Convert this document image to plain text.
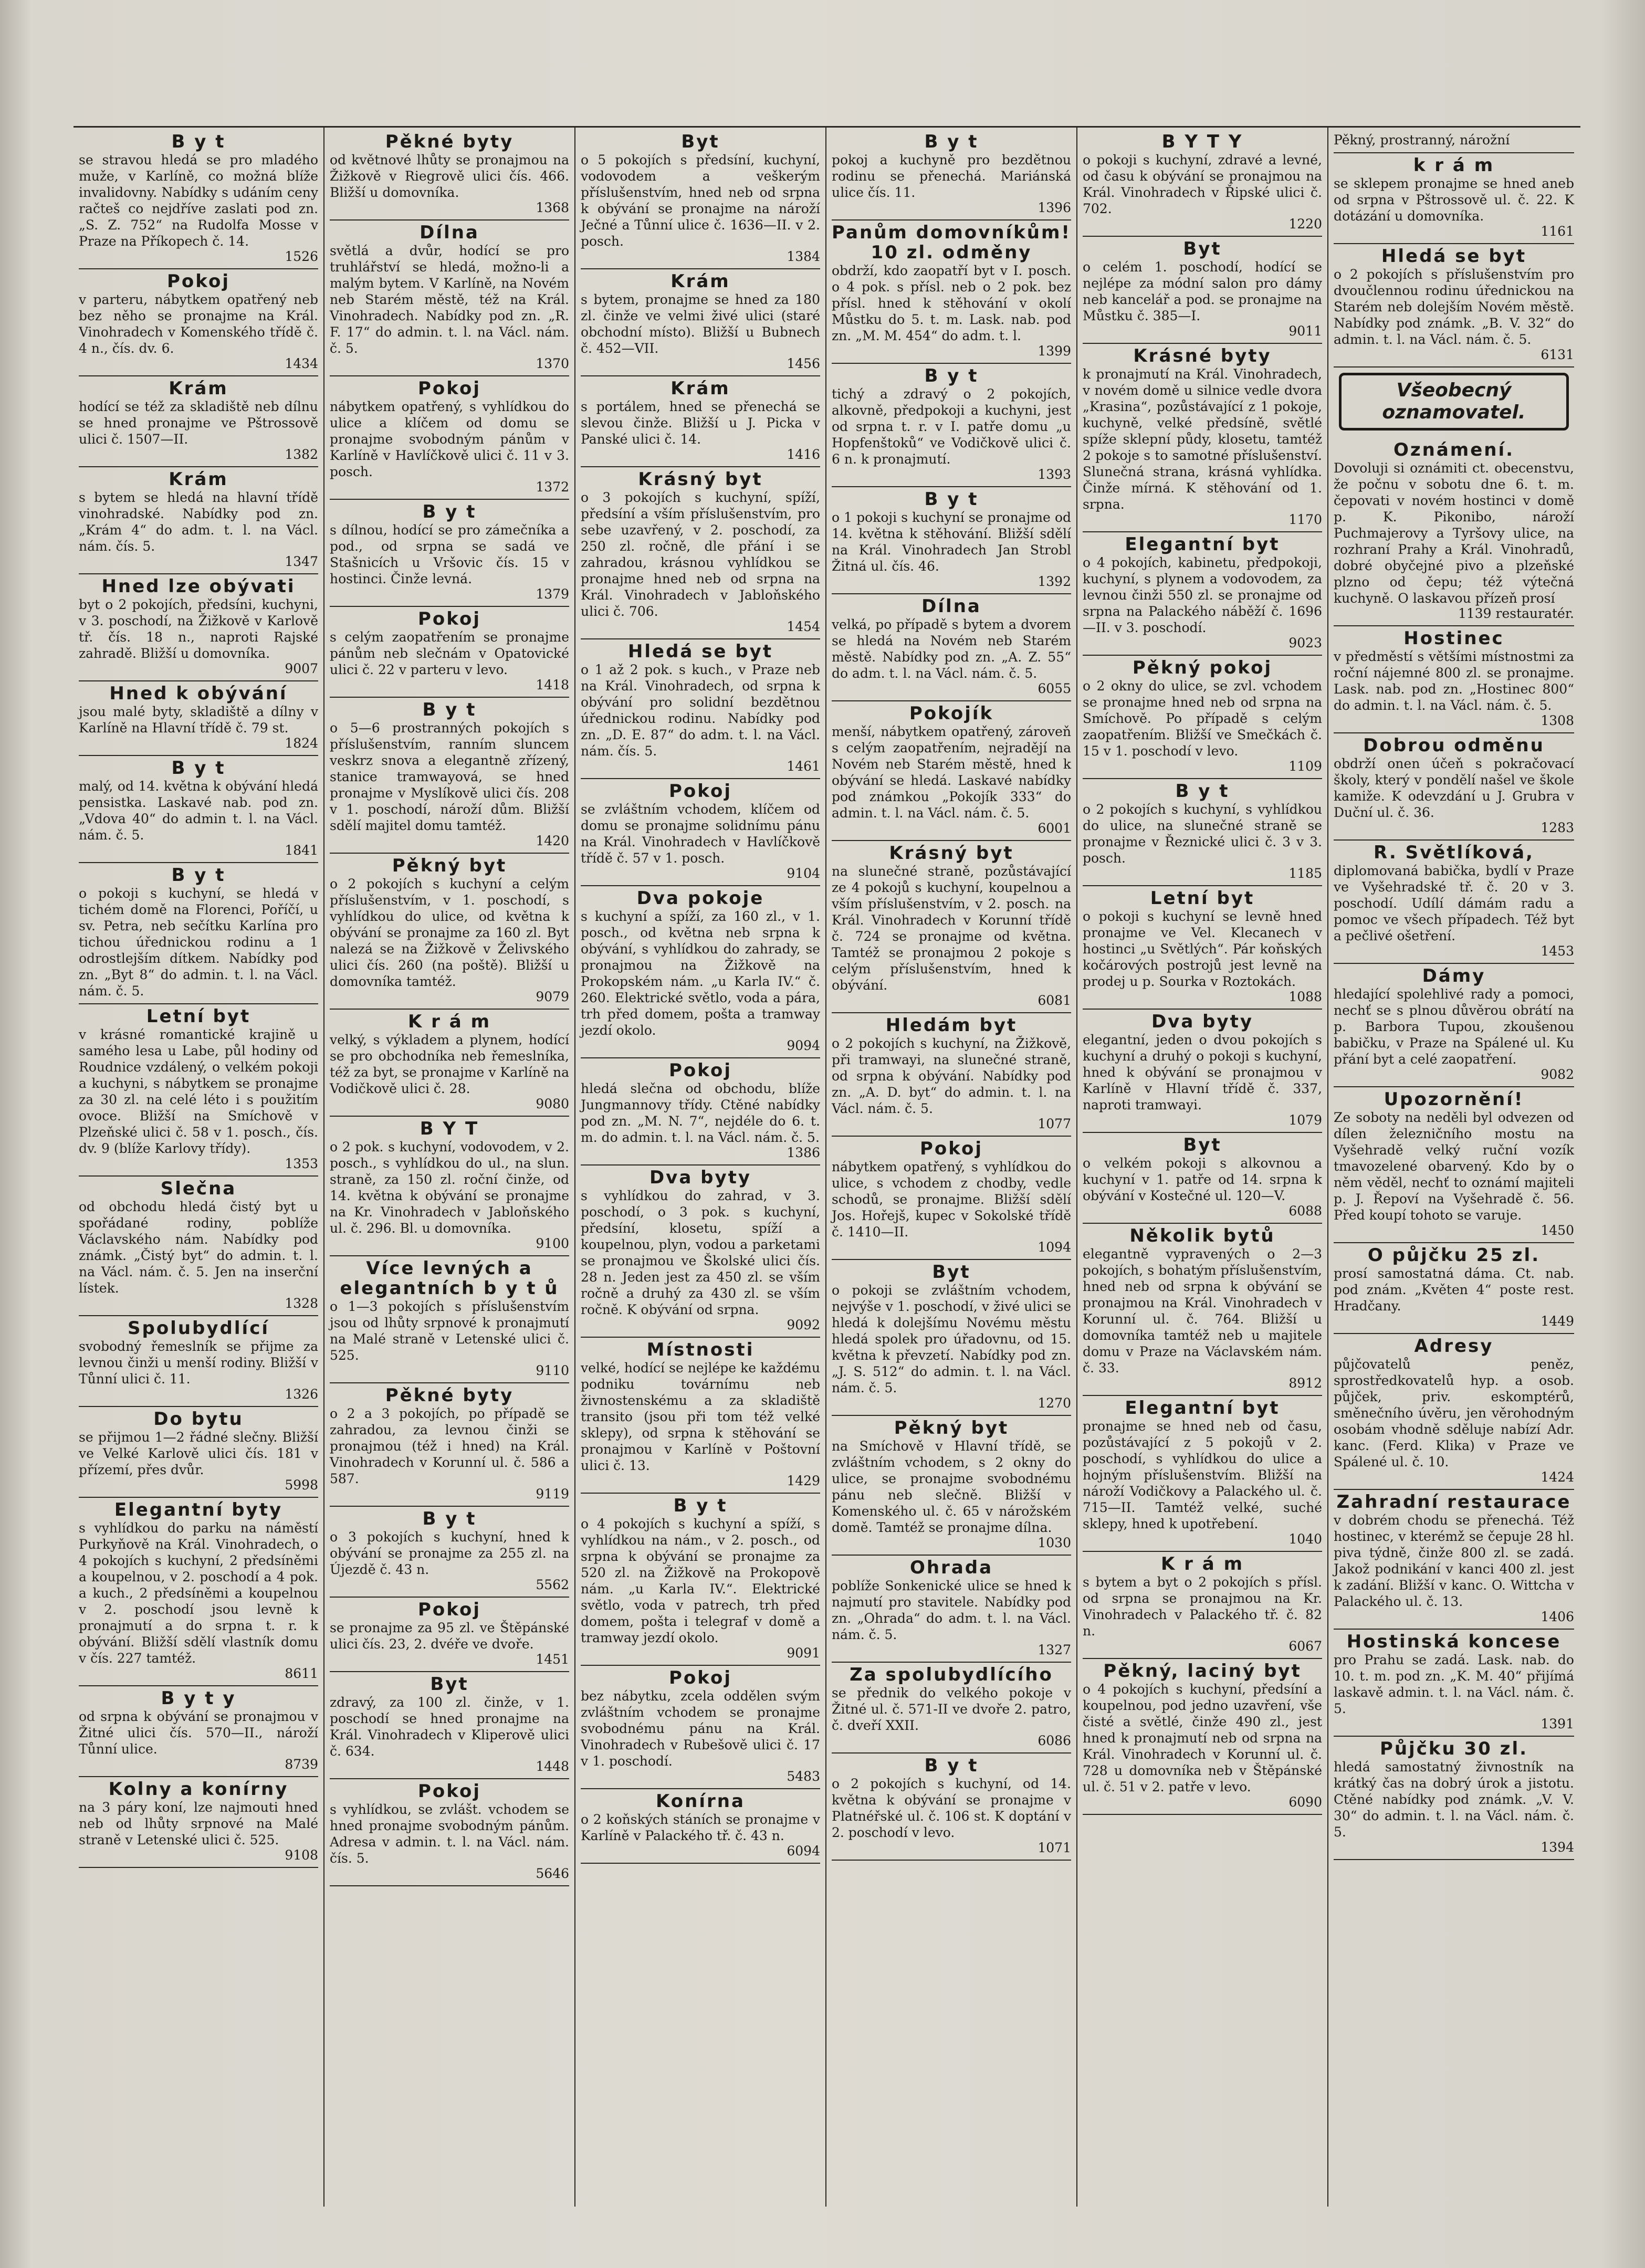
B y t
se stravou hledá se pro mladého muže, v Karlíně, co možná blíže invalidovny. Nabídky s udáním ceny račteš co nejdříve zaslati pod zn. „S. Z. 752“ na Rudolfa Mosse v Praze na Příkopech č. 14.
1526
Pokoj
v parteru, nábytkem opatřený neb bez něho se pronajme na Král. Vinohradech v Komenského třídě č. 4 n., čís. dv. 6.
1434
Krám
hodící se též za skladiště neb dílnu se hned pronajme ve Pštrossově ulici č. 1507—II.
1382
Krám
s bytem se hledá na hlavní třídě vinohradské. Nabídky pod zn. „Krám 4“ do adm. t. l. na Václ. nám. čís. 5.
1347
Hned lze obývati
byt o 2 pokojích, předsíni, kuchyni, v 3. poschodí, na Žižkově v Karlově tř. čís. 18 n., naproti Rajské zahradě. Bližší u domovníka.
9007
Hned k obývání
jsou malé byty, skladiště a dílny v Karlíně na Hlavní třídě č. 79 st.
1824
B y t
malý, od 14. května k obývání hledá pensistka. Laskavé nab. pod zn. „Vdova 40“ do admin t. l. na Václ. nám. č. 5.
1841
B y t
o pokoji s kuchyní, se hledá v tichém domě na Florenci, Poříčí, u sv. Petra, neb sečítku Karlína pro tichou úřednickou rodinu a 1 odrostlejším dítkem. Nabídky pod zn. „Byt 8“ do admin. t. l. na Václ. nám. č. 5.
Letní byt
v krásné romantické krajině u samého lesa u Labe, půl hodiny od Roudnice vzdálený, o velkém pokoji a kuchyni, s nábytkem se pronajme za 30 zl. na celé léto i s použitím ovoce. Bližší na Smíchově v Plzeňské ulici č. 58 v 1. posch., čís. dv. 9 (blíže Karlovy třídy).
1353
Slečna
od obchodu hledá čistý byt u spořádané rodiny, poblíže Václavského nám. Nabídky pod známk. „Čistý byt“ do admin. t. l. na Václ. nám. č. 5. Jen na inserční lístek.
1328
Spolubydlící
svobodný řemeslník se přijme za levnou činži u menší rodiny. Bližší v Tůnní ulici č. 11.
1326
Do bytu
se přijmou 1—2 řádné slečny. Bližší ve Velké Karlově ulici čís. 181 v přízemí, přes dvůr.
5998
Elegantní byty
s vyhlídkou do parku na náměstí Purkyňově na Král. Vinohradech, o 4 pokojích s kuchyní, 2 předsíněmi a koupelnou, v 2. poschodí a 4 pok. a kuch., 2 předsíněmi a koupelnou v 2. poschodí jsou levně k pronajmutí a do srpna t. r. k obývání. Bližší sdělí vlastník domu v čís. 227 tamtéž.
8611
B y t y
od srpna k obývání se pronajmou v Žitné ulici čís. 570—II., nároží Tůnní ulice.
8739
Kolny a konírny
na 3 páry koní, lze najmouti hned neb od lhůty srpnové na Malé straně v Letenské ulici č. 525.
9108
Pěkné byty
od květnové lhůty se pronajmou na Žižkově v Riegrově ulici čís. 466. Bližší u domovníka.
1368
Dílna
světlá a dvůr, hodící se pro truhlářství se hledá, možno-li a malým bytem. V Karlíně, na Novém neb Starém městě, též na Král. Vinohradech. Nabídky pod zn. „R. F. 17“ do admin. t. l. na Václ. nám. č. 5.
1370
Pokoj
nábytkem opatřený, s vyhlídkou do ulice a klíčem od domu se pronajme svobodným pánům v Karlíně v Havlíčkově ulici č. 11 v 3. posch.
1372
B y t
s dílnou, hodící se pro zámečníka a pod., od srpna se sadá ve Stašnicích u Vršovic čís. 15 v hostinci. Činže levná.
1379
Pokoj
s celým zaopatřením se pronajme pánům neb slečnám v Opatovické ulici č. 22 v parteru v levo.
1418
B y t
o 5—6 prostranných pokojích s příslušenstvím, ranním sluncem veskrz snova a elegantně zřízený, stanice tramwayová, se hned pronajme v Myslíkově ulici čís. 208 v 1. poschodí, nároží dům. Bližší sdělí majitel domu tamtéž.
1420
Pěkný byt
o 2 pokojích s kuchyní a celým příslušenstvím, v 1. poschodí, s vyhlídkou do ulice, od května k obývání se pronajme za 160 zl. Byt nalezá se na Žižkově v Želivského ulici čís. 260 (na poště). Bližší u domovníka tamtéž.
9079
K r á m
velký, s výkladem a plynem, hodící se pro obchodníka neb řemeslníka, též za byt, se pronajme v Karlíně na Vodičkově ulici č. 28.
9080
B Y T
o 2 pok. s kuchyní, vodovodem, v 2. posch., s vyhlídkou do ul., na slun. straně, za 150 zl. roční činže, od 14. května k obývání se pronajme na Kr. Vinohradech v Jabloňského ul. č. 296. Bl. u domovníka.
9100
Více levných a elegantních b y t ů
o 1—3 pokojích s příslušenstvím jsou od lhůty srpnové k pronajmutí na Malé straně v Letenské ulici č. 525.
9110
Pěkné byty
o 2 a 3 pokojích, po případě se zahradou, za levnou činži se pronajmou (též i hned) na Král. Vinohradech v Korunní ul. č. 586 a 587.
9119
B y t
o 3 pokojích s kuchyní, hned k obývání se pronajme za 255 zl. na Újezdě č. 43 n.
5562
Pokoj
se pronajme za 95 zl. ve Štěpánské ulici čís. 23, 2. dvéře ve dvoře.
1451
Byt
zdravý, za 100 zl. činže, v 1. poschodí se hned pronajme na Král. Vinohradech v Kliperově ulici č. 634.
1448
Pokoj
s vyhlídkou, se zvlášt. vchodem se hned pronajme svobodným pánům. Adresa v admin. t. l. na Václ. nám. čís. 5.
5646
Byt
o 5 pokojích s předsíní, kuchyní, vodovodem a veškerým příslušenstvím, hned neb od srpna k obývání se pronajme na nároží Ječné a Tůnní ulice č. 1636—II. v 2. posch.
1384
Krám
s bytem, pronajme se hned za 180 zl. činže ve velmi živé ulici (staré obchodní místo). Bližší u Bubnech č. 452—VII.
1456
Krám
s portálem, hned se přenechá se slevou činže. Bližší u J. Picka v Panské ulici č. 14.
1416
Krásný byt
o 3 pokojích s kuchyní, spíží, předsíní a vším příslušenstvím, pro sebe uzavřený, v 2. poschodí, za 250 zl. ročně, dle přání i se zahradou, krásnou vyhlídkou se pronajme hned neb od srpna na Král. Vinohradech v Jabloňského ulici č. 706.
1454
Hledá se byt
o 1 až 2 pok. s kuch., v Praze neb na Král. Vinohradech, od srpna k obývání pro solidní bezdětnou úřednickou rodinu. Nabídky pod zn. „D. E. 87“ do adm. t. l. na Václ. nám. čís. 5.
1461
Pokoj
se zvláštním vchodem, klíčem od domu se pronajme solidnímu pánu na Král. Vinohradech v Havlíčkově třídě č. 57 v 1. posch.
9104
Dva pokoje
s kuchyní a spíží, za 160 zl., v 1. posch., od května neb srpna k obývání, s vyhlídkou do zahrady, se pronajmou na Žižkově na Prokopském nám. „u Karla IV.“ č. 260. Elektrické světlo, voda a pára, trh před domem, pošta a tramway jezdí okolo.
9094
Pokoj
hledá slečna od obchodu, blíže Jungmannovy třídy. Ctěné nabídky pod zn. „M. N. 7“, nejdéle do 6. t. m. do admin. t. l. na Václ. nám. č. 5.
1386
Dva byty
s vyhlídkou do zahrad, v 3. poschodí, o 3 pok. s kuchyní, předsíní, klosetu, spíží a koupelnou, plyn, vodou a parketami se pronajmou ve Školské ulici čís. 28 n. Jeden jest za 450 zl. se vším ročně a druhý za 430 zl. se vším ročně. K obývání od srpna.
9092
Místnosti
velké, hodící se nejlépe ke každému podniku továrnímu neb živnostenskému a za skladiště transito (jsou při tom též velké sklepy), od srpna k stěhování se pronajmou v Karlíně v Poštovní ulici č. 13.
1429
B y t
o 4 pokojích s kuchyní a spíží, s vyhlídkou na nám., v 2. posch., od srpna k obývání se pronajme za 520 zl. na Žižkově na Prokopově nám. „u Karla IV.“. Elektrické světlo, voda v patrech, trh před domem, pošta i telegraf v domě a tramway jezdí okolo.
9091
Pokoj
bez nábytku, zcela oddělen svým zvláštním vchodem se pronajme svobodnému pánu na Král. Vinohradech v Rubešově ulici č. 17 v 1. poschodí.
5483
Konírna
o 2 koňských stáních se pronajme v Karlíně v Palackého tř. č. 43 n.
6094
B y t
pokoj a kuchyně pro bezdětnou rodinu se přenechá. Mariánská ulice čís. 11.
1396
Panům domovníkům! 10 zl. odměny
obdrží, kdo zaopatří byt v I. posch. o 4 pok. s přísl. neb o 2 pok. bez přísl. hned k stěhování v okolí Můstku do 5. t. m. Lask. nab. pod zn. „M. M. 454“ do adm. t. l.
1399
B y t
tichý a zdravý o 2 pokojích, alkovně, předpokoji a kuchyni, jest od srpna t. r. v I. patře domu „u Hopfenštoků“ ve Vodičkově ulici č. 6 n. k pronajmutí.
1393
B y t
o 1 pokoji s kuchyní se pronajme od 14. května k stěhování. Bližší sdělí na Král. Vinohradech Jan Strobl Žitná ul. čís. 46.
1392
Dílna
velká, po případě s bytem a dvorem se hledá na Novém neb Starém městě. Nabídky pod zn. „A. Z. 55“ do adm. t. l. na Václ. nám. č. 5.
6055
Pokojík
menší, nábytkem opatřený, zároveň s celým zaopatřením, nejradějí na Novém neb Starém městě, hned k obývání se hledá. Laskavé nabídky pod známkou „Pokojík 333“ do admin. t. l. na Václ. nám. č. 5.
6001
Krásný byt
na slunečné straně, pozůstávající ze 4 pokojů s kuchyní, koupelnou a vším příslušenstvím, v 2. posch. na Král. Vinohradech v Korunní třídě č. 724 se pronajme od května. Tamtéž se pronajmou 2 pokoje s celým příslušenstvím, hned k obývání.
6081
Hledám byt
o 2 pokojích s kuchyní, na Žižkově, při tramwayi, na slunečné straně, od srpna k obývání. Nabídky pod zn. „A. D. byt“ do admin. t. l. na Václ. nám. č. 5.
1077
Pokoj
nábytkem opatřený, s vyhlídkou do ulice, s vchodem z chodby, vedle schodů, se pronajme. Bližší sdělí Jos. Hořejš, kupec v Sokolské třídě č. 1410—II.
1094
Byt
o pokoji se zvláštním vchodem, nejvýše v 1. poschodí, v živé ulici se hledá k dolejšímu Novému městu hledá spolek pro úřadovnu, od 15. května k převzetí. Nabídky pod zn. „J. S. 512“ do admin. t. l. na Václ. nám. č. 5.
1270
Pěkný byt
na Smíchově v Hlavní třídě, se zvláštním vchodem, s 2 okny do ulice, se pronajme svobodnému pánu neb slečně. Bližší v Komenského ul. č. 65 v nárožském domě. Tamtéž se pronajme dílna.
1030
Ohrada
poblíže Sonkenické ulice se hned k najmutí pro stavitele. Nabídky pod zn. „Ohrada“ do adm. t. l. na Václ. nám. č. 5.
1327
Za spolubydlícího
se přednik do velkého pokoje v Žitné ul. č. 571-II ve dvoře 2. patro, č. dveří XXII.
6086
B y t
o 2 pokojích s kuchyní, od 14. května k obývání se pronajme v Platnéřské ul. č. 106 st. K doptání v 2. poschodí v levo.
1071
B Y T Y
o pokoji s kuchyní, zdravé a levné, od času k obývání se pronajmou na Král. Vinohradech v Řipské ulici č. 702.
1220
Byt
o celém 1. poschodí, hodící se nejlépe za módní salon pro dámy neb kancelář a pod. se pronajme na Můstku č. 385—I.
9011
Krásné byty
k pronajmutí na Král. Vinohradech, v novém domě u silnice vedle dvora „Krasina“, pozůstávající z 1 pokoje, kuchyně, velké předsíně, světlé spíže sklepní půdy, klosetu, tamtéž 2 pokoje s to samotné příslušenství. Slunečná strana, krásná vyhlídka. Činže mírná. K stěhování od 1. srpna.
1170
Elegantní byt
o 4 pokojích, kabinetu, předpokoji, kuchyní, s plynem a vodovodem, za levnou činži 550 zl. se pronajme od srpna na Palackého náběží č. 1696—II. v 3. poschodí.
9023
Pěkný pokoj
o 2 okny do ulice, se zvl. vchodem se pronajme hned neb od srpna na Smíchově. Po případě s celým zaopatřením. Bližší ve Smečkách č. 15 v 1. poschodí v levo.
1109
B y t
o 2 pokojích s kuchyní, s vyhlídkou do ulice, na slunečné straně se pronajme v Řeznické ulici č. 3 v 3. posch.
1185
Letní byt
o pokoji s kuchyní se levně hned pronajme ve Vel. Klecanech v hostinci „u Světlých“. Pár koňských kočárových postrojů jest levně na prodej u p. Sourka v Roztokách.
1088
Dva byty
elegantní, jeden o dvou pokojích s kuchyní a druhý o pokoji s kuchyní, hned k obývání se pronajmou v Karlíně v Hlavní třídě č. 337, naproti tramwayi.
1079
Byt
o velkém pokoji s alkovnou a kuchyní v 1. patře od 14. srpna k obývání v Kostečné ul. 120—V.
6088
Několik bytů
elegantně vypravených o 2—3 pokojích, s bohatým příslušenstvím, hned neb od srpna k obývání se pronajmou na Král. Vinohradech v Korunní ul. č. 764. Bližší u domovníka tamtéž neb u majitele domu v Praze na Václavském nám. č. 33.
8912
Elegantní byt
pronajme se hned neb od času, pozůstávající z 5 pokojů v 2. poschodí, s vyhlídkou do ulice a hojným příslušenstvím. Bližší na nároží Vodičkovy a Palackého ul. č. 715—II. Tamtéž velké, suché sklepy, hned k upotřebení.
1040
K r á m
s bytem a byt o 2 pokojích s přísl. od srpna se pronajmou na Kr. Vinohradech v Palackého tř. č. 82 n.
6067
Pěkný, laciný byt
o 4 pokojích s kuchyní, předsíní a koupelnou, pod jedno uzavření, vše čisté a světlé, činže 490 zl., jest hned k pronajmutí neb od srpna na Král. Vinohradech v Korunní ul. č. 728 u domovníka neb v Štěpánské ul. č. 51 v 2. patře v levo.
6090
Pěkný, prostranný, nárožní
k r á m
se sklepem pronajme se hned aneb od srpna v Pštrossově ul. č. 22. K dotázání u domovníka.
1161
Hledá se byt
o 2 pokojích s příslušenstvím pro dvoučlennou rodinu úřednickou na Starém neb dolejším Novém městě. Nabídky pod známk. „B. V. 32“ do admin. t. l. na Václ. nám. č. 5.
6131
Všeobecný oznamovatel.
Oznámení.
Dovoluji si oznámiti ct. obecenstvu, že počnu v sobotu dne 6. t. m. čepovati v novém hostinci v domě p. K. Pikonibo, nároží Puchmajerovy a Tyršovy ulice, na rozhraní Prahy a Král. Vinohradů, dobré obyčejné pivo a plzeňské plzno od čepu; též výtečná kuchyně. O laskavou přízeň prosí
1139 restauratér.
Hostinec
v předměstí s většími místnostmi za roční nájemné 800 zl. se pronajme. Lask. nab. pod zn. „Hostinec 800“ do admin. t. l. na Václ. nám. č. 5.
1308
Dobrou odměnu
obdrží onen účeň s pokračovací školy, který v pondělí našel ve škole kamiže. K odevzdání u J. Grubra v Duční ul. č. 36.
1283
R. Světlíková,
diplomovaná babička, bydlí v Praze ve Vyšehradské tř. č. 20 v 3. poschodí. Udílí dámám radu a pomoc ve všech případech. Též byt a pečlivé ošetření.
1453
Dámy
hledající spolehlivé rady a pomoci, nechť se s plnou důvěrou obrátí na p. Barbora Tupou, zkoušenou babičku, v Praze na Spálené ul. Ku přání byt a celé zaopatření.
9082
Upozornění!
Ze soboty na neděli byl odvezen od dílen železničního mostu na Vyšehradě velký ruční vozík tmavozelené obarvený. Kdo by o něm věděl, nechť to oznámí majiteli p. J. Řepoví na Vyšehradě č. 56. Před koupí tohoto se varuje.
1450
O půjčku 25 zl.
prosí samostatná dáma. Ct. nab. pod znám. „Květen 4“ poste rest. Hradčany.
1449
Adresy
půjčovatelů peněz, sprostředkovatelů hyp. a osob. půjček, priv. eskomptérů, směnečního úvěru, jen věrohodným osobám vhodně sděluje nabízí Adr. kanc. (Ferd. Klika) v Praze ve Spálené ul. č. 10.
1424
Zahradní restaurace
v dobrém chodu se přenechá. Též hostinec, v kterémž se čepuje 28 hl. piva týdně, činže 800 zl. se zadá. Jakož podnikání v kanci 400 zl. jest k zadání. Bližší v kanc. O. Wittcha v Palackého ul. č. 13.
1406
Hostinská koncese
pro Prahu se zadá. Lask. nab. do 10. t. m. pod zn. „K. M. 40“ přijímá laskavě admin. t. l. na Václ. nám. č. 5.
1391
Půjčku 30 zl.
hledá samostatný živnostník na krátký čas na dobrý úrok a jistotu. Ctěné nabídky pod známk. „V. V. 30“ do admin. t. l. na Václ. nám. č. 5.
1394
